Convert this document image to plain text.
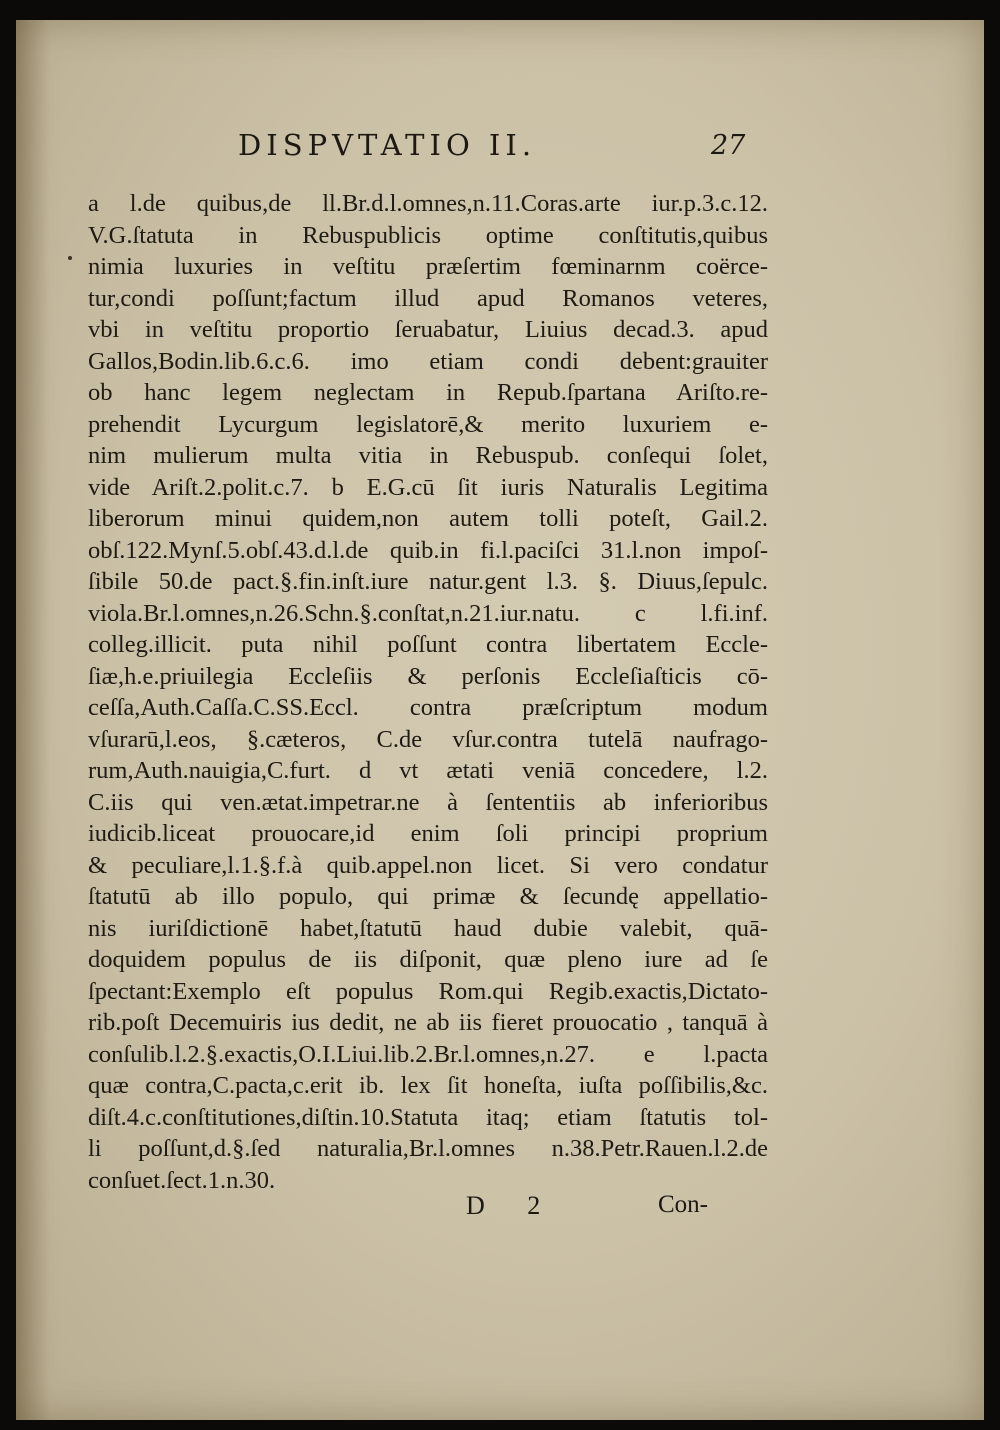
DISPVTATIO II.	27
a l.de quibus,de ll.Br.d.l.omnes,n.11.Coras.arte iur.p.3.c.12.
V.G.ſtatuta in Rebuspublicis optime conſtitutis,quibus
nimia luxuries in veſtitu præſertim fœminarnm coërce-
tur,condi poſſunt;factum illud apud Romanos veteres,
vbi in veſtitu proportio ſeruabatur, Liuius decad.3. apud
Gallos,Bodin.lib.6.c.6. imo etiam condi debent:grauiter
ob hanc legem neglectam in Repub.ſpartana Ariſto.re-
prehendit Lycurgum legislatorē,& merito luxuriem e-
nim mulierum multa vitia in Rebuspub. conſequi ſolet,
vide Ariſt.2.polit.c.7. b E.G.cū ſit iuris Naturalis Legitima
liberorum minui quidem,non autem tolli poteſt, Gail.2.
obſ.122.Mynſ.5.obſ.43.d.l.de quib.in fi.l.paciſci 31.l.non impoſ-
ſibile 50.de pact.§.fin.inſt.iure natur.gent l.3. §. Diuus,ſepulc.
viola.Br.l.omnes,n.26.Schn.§.conſtat,n.21.iur.natu. c l.fi.inf.
colleg.illicit. puta nihil poſſunt contra libertatem Eccle-
ſiæ,h.e.priuilegia Eccleſiis & perſonis Eccleſiaſticis cō-
ceſſa,Auth.Caſſa.C.SS.Eccl. contra præſcriptum modum
vſurarū,l.eos, §.cæteros, C.de vſur.contra tutelā naufrago-
rum,Auth.nauigia,C.furt. d vt ætati veniā concedere, l.2.
C.iis qui ven.ætat.impetrar.ne à ſententiis ab inferioribus
iudicib.liceat prouocare,id enim ſoli principi proprium
& peculiare,l.1.§.f.à quib.appel.non licet. Si vero condatur
ſtatutū ab illo populo, qui primæ & ſecundę appellatio-
nis iuriſdictionē habet,ſtatutū haud dubie valebit, quā-
doquidem populus de iis diſponit, quæ pleno iure ad ſe
ſpectant:Exemplo eſt populus Rom.qui Regib.exactis,Dictato-
rib.poſt Decemuiris ius dedit, ne ab iis fieret prouocatio , tanquā à
conſulib.l.2.§.exactis,O.I.Liui.lib.2.Br.l.omnes,n.27. e l.pacta
quæ contra,C.pacta,c.erit ib. lex ſit honeſta, iuſta poſſibilis,&c.
diſt.4.c.conſtitutiones,diſtin.10.Statuta itaq; etiam ſtatutis tol-
li poſſunt,d.§.ſed naturalia,Br.l.omnes n.38.Petr.Rauen.l.2.de
conſuet.ſect.1.n.30.
D 2	Con-
